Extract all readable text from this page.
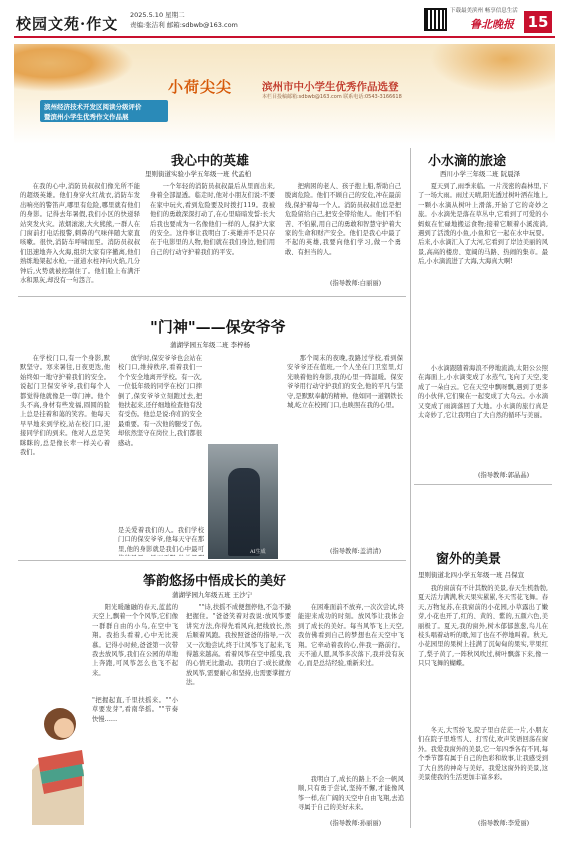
校园文苑·作文 2025.5.10 星期二
责编:张洁利 邮箱:sdbwb@163.com
下载最美滨州 畅享信息生活
鲁北晚报 15
小荷尖尖	滨州市中小学生优秀作品选登
本栏目投稿邮箱:sdbwb@163.com 联系电话:0543-3166618
滨州经济技术开发区阅读分级评价
暨滨州小学生优秀作文作品展
我心中的英雄
里则街道实验小学五年级一班 代孟柏
在我的心中,消防员叔叔们像光所不能的超级英雄。他们身穿火红战衣,消防车发出响亮的警笛声,哪里有危险,哪里就有他们的身影。记得去年暑假,我们小区的快递驿站突发火灾。浓烟滚滚,大火熊熊,一群人在门窗前打电话报警,刺鼻的气味伴随大家直咳嗽。很快,消防车呼啸而至。消防员叔叔们迅速地奔入火海,组织大家有序撤离,他们熟练地架起水枪,一道道水柱冲向火焰,几分钟后,火势就被控制住了。他们脸上布满汗水和黑灰,却没有一句怨言。
一个年轻的消防员叔叔最后从里面出来,身着全部湿透。临走时,他对小朋友们说:不要在家中玩火,看到危险要及时拨打119。我被他们的勇敢深深打动了,在心里暗暗发誓:长大后我也要成为一名像他们一样的人,保护大家的安全。这件事让我明白了:英雄并不是只存在于电影里的人物,他们就在我们身边,他们用自己的行动守护着我们的平安。
把病困的老人、孩子抱上船,帮助自己脱离危险。他们不顾自己的安危,冲在最前线,保护着每一个人。消防员叔叔们总是把危险留给自己,把安全带给他人。他们不怕苦、不怕累,用自己的勇敢和智慧守护着大家的生命和财产安全。他们是我心中最了不起的英雄,我要向他们学习,做一个勇敢、有担当的人。
(指导教师:白丽丽)
"门神"——保安爷爷
蒲湖学园五年级二班 李梓杨
在学校门口,有一个身影,默默坚守。寒来暑往,日夜更迭,他始终如一地守护着我们的安全。说起门卫保安爷爷,我们每个人都觉得他就像是一尊门神。他个头不高,身材有些发福,圆圆的脸上总是挂着和蔼的笑容。他每天早早地来到学校,站在校门口,迎接同学们的到来。他对人总是笑眯眯的,总是像长辈一样关心着我们。
放学时,保安爷爷也会站在校门口,维持秩序,看着我们一个个安全地离开学校。有一次,一位低年级的同学在校门口摔倒了,保安爷爷立刻跑过去,把他扶起来,还仔细地检查他有没有受伤。他总是说:你们的安全最重要。有一次他的腿受了伤,却依然坚守在岗位上,我们都很感动。
AI生成
是关爱着我们的人。我们学校门口的保安爷爷,他每天守在那里,他的身影就是我们心中最可
那个周末的夜晚,我路过学校,看到保安爷爷还在值班,一个人坐在门卫室里,灯光映着他的身影,我的心里一阵温暖。保安爷爷用行动守护我们的安全,他的平凡与坚守,是默默奉献的精神。他如同一道钢铁长城,屹立在校园门口,也映照在我的心里。
(指导教师:盖清清)
筝韵悠扬中悟成长的美好
蒲湖学园九年级五班 王沙宁
阳光暖融融的春天,蓝蓝的天空上,飘着一个个风筝,它们像一群群自由的小鸟,在空中飞翔。我抬头看着,心中无比羡慕。记得小时候,爸爸第一次带我去放风筝,我们在公园的草地上奔跑,可风筝怎么也飞不起来。
"把握起直,千里扶摇来。""小草要发芽",看南华摇。""节奏快慢……
""诗,扶摇不成便想停他,不急不躁把握住。"爸爸笑着对我说:放风筝要讲究方法,你得先看风向,把线放长,然后顺着风跑。我按照爸爸的指导,一次又一次地尝试,终于让风筝飞了起来,飞得越来越高。看着风筝在空中摇曳,我的心情无比激动。我明白了:成长就像放风筝,需要耐心和坚持,也需要掌握方法。
在困难面前不放弃,一次次尝试,终能迎来成功的时刻。放风筝让我体会到了成长的美好。每当风筝飞上天空,我仿佛看到自己的梦想也在天空中飞翔。它牵动着我的心,伴我一路前行。天不通人愿,风筝多次落下,我并没有灰心,而是总结经验,重新来过。
我明白了,成长的路上不会一帆风顺,只有勇于尝试,坚持不懈,才能像风筝一样,在广阔的天空中自由飞翔,去追寻属于自己的美好未来。
(指导教师:孙丽丽)
小水滴的旅途
西川小学三年级二班 阮晨泽
夏天到了,雨季来临。一片茂密的森林里,下了一场大雨。雨过天晴,阳光透过树叶洒在地上,一颗小水滴从树叶上滑落,开始了它的奇妙之旅。小水滴先是落在草丛中,它看到了可爱的小蚂蚁在忙碌地搬运食物;接着它顺着小溪流淌,遇到了活泼的小鱼,小鱼和它一起在水中玩耍。后来,小水滴汇入了大河,它看到了岸边美丽的风景,高高的楼房、宽阔的马路、热闹的集市。最后,小水滴流进了大海,大海真大啊!
小水滴跟随着海浪不停地流淌,太阳公公照在海面上,小水滴变成了水蒸气,飞向了天空,变成了一朵白云。它在天空中飘呀飘,遇到了更多的小伙伴,它们聚在一起变成了大乌云。小水滴又变成了雨滴落回了大地。小水滴的旅行真是太奇妙了,它让我明白了大自然的循环与美丽。
(指导教师:郭晶晶)
窗外的美景
里则街道北四小学五年级一班 吕保宣
我的窗前有不计其数的美景,春天生机勃勃,夏天活力满满,秋天果实累累,冬天雪花飞舞。春天,万物复苏,在我窗前的小花园,小草露出了嫩芽,小花也开了,红的、黄的、紫的,五颜六色,美丽极了。夏天,我的窗外,树木郁郁葱葱,鸟儿在枝头唱着动听的歌,知了也在不停地叫着。秋天,小花园里的果树上挂满了沉甸甸的果实,苹果红了,梨子黄了,一阵秋风吹过,树叶飘落下来,像一只只飞舞的蝴蝶。
冬天,大雪纷飞,院子里白茫茫一片,小朋友们在院子里堆雪人、打雪仗,欢声笑语回荡在窗外。我爱我窗外的美景,它一年四季各有不同,每个季节都有属于自己的色彩和故事,让我感受到了大自然的神奇与美好。我爱这窗外的美景,这美景使我的生活更加丰富多彩。
(指导教师:李爱丽)
